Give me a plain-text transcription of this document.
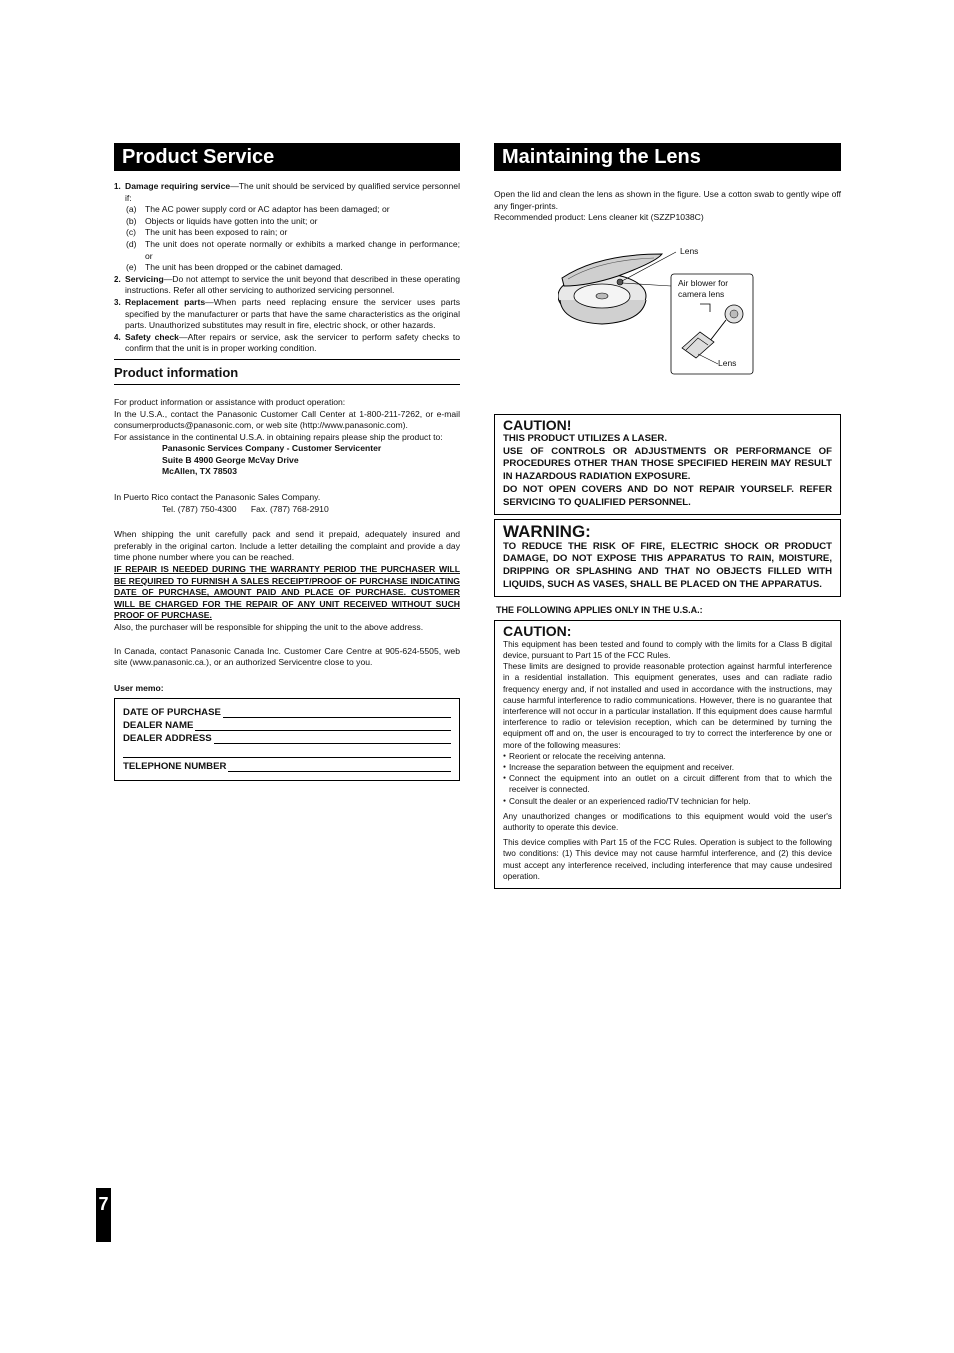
Product Service
1. Damage requiring service—The unit should be serviced by qualified service personnel if:
(a) The AC power supply cord or AC adaptor has been damaged; or
(b) Objects or liquids have gotten into the unit; or
(c) The unit has been exposed to rain; or
(d) The unit does not operate normally or exhibits a marked change in performance; or
(e) The unit has been dropped or the cabinet damaged.
2. Servicing—Do not attempt to service the unit beyond that described in these operating instructions. Refer all other servicing to authorized servicing personnel.
3. Replacement parts—When parts need replacing ensure the servicer uses parts specified by the manufacturer or parts that have the same characteristics as the original parts. Unauthorized substitutes may result in fire, electric shock, or other hazards.
4. Safety check—After repairs or service, ask the servicer to perform safety checks to confirm that the unit is in proper working condition.
Product information

For product information or assistance with product operation:

In the U.S.A., contact the Panasonic Customer Call Center at 1-800-211-7262, or e-mail consumerproducts@panasonic.com, or web site (http://www.panasonic.com).

For assistance in the continental U.S.A. in obtaining repairs please ship the product to:

Panasonic Services Company - Customer Servicenter

Suite B 4900 George McVay Drive

McAllen, TX 78503

In Puerto Rico contact the Panasonic Sales Company.

Tel. (787) 750-4300      Fax. (787) 768-2910

When shipping the unit carefully pack and send it prepaid, adequately insured and preferably in the original carton. Include a letter detailing the complaint and provide a day time phone number where you can be reached.

IF REPAIR IS NEEDED DURING THE WARRANTY PERIOD THE PURCHASER WILL BE REQUIRED TO FURNISH A SALES RECEIPT/PROOF OF PURCHASE INDICATING DATE OF PURCHASE, AMOUNT PAID AND PLACE OF PURCHASE. CUSTOMER WILL BE CHARGED FOR THE REPAIR OF ANY UNIT RECEIVED WITHOUT SUCH PROOF OF PURCHASE.

Also, the purchaser will be responsible for shipping the unit to the above address.

In Canada, contact Panasonic Canada Inc. Customer Care Centre at 905-624-5505, web site (www.panasonic.ca.), or an authorized Servicentre close to you.

User memo:

DATE OF PURCHASE
DEALER NAME
DEALER ADDRESS
TELEPHONE NUMBER
Maintaining the Lens

Open the lid and clean the lens as shown in the figure. Use a cotton swab to gently wipe off any finger-prints.

Recommended product: Lens cleaner kit (SZZP1038C)

Lens
Air blower for
camera lens
Lens
CAUTION!

THIS PRODUCT UTILIZES A LASER.

USE OF CONTROLS OR ADJUSTMENTS OR PERFORMANCE OF PROCEDURES OTHER THAN THOSE SPECIFIED HEREIN MAY RESULT IN HAZARDOUS RADIATION EXPOSURE.

DO NOT OPEN COVERS AND DO NOT REPAIR YOURSELF. REFER SERVICING TO QUALIFIED PERSONNEL.

WARNING:

TO REDUCE THE RISK OF FIRE, ELECTRIC SHOCK OR PRODUCT DAMAGE, DO NOT EXPOSE THIS APPARATUS TO RAIN, MOISTURE, DRIPPING OR SPLASHING AND THAT NO OBJECTS FILLED WITH LIQUIDS, SUCH AS VASES, SHALL BE PLACED ON THE APPARATUS.

THE FOLLOWING APPLIES ONLY IN THE U.S.A.:
CAUTION:

This equipment has been tested and found to comply with the limits for a Class B digital device, pursuant to Part 15 of the FCC Rules.

These limits are designed to provide reasonable protection against harmful interference in a residential installation. This equipment generates, uses and can radiate radio frequency energy and, if not installed and used in accordance with the instructions, may cause harmful interference to radio communications. However, there is no guarantee that interference will not occur in a particular installation. If this equipment does cause harmful interference to radio or television reception, which can be determined by turning the equipment off and on, the user is encouraged to try to correct the interference by one or more of the following measures:

● Reorient or relocate the receiving antenna.
● Increase the separation between the equipment and receiver.
● Connect the equipment into an outlet on a circuit different from that to which the receiver is connected.
● Consult the dealer or an experienced radio/TV technician for help.

Any unauthorized changes or modifications to this equipment would void the user's authority to operate this device.

This device complies with Part 15 of the FCC Rules. Operation is subject to the following two conditions: (1) This device may not cause harmful interference, and (2) this device must accept any interference received, including interference that may cause undesired operation.

7
